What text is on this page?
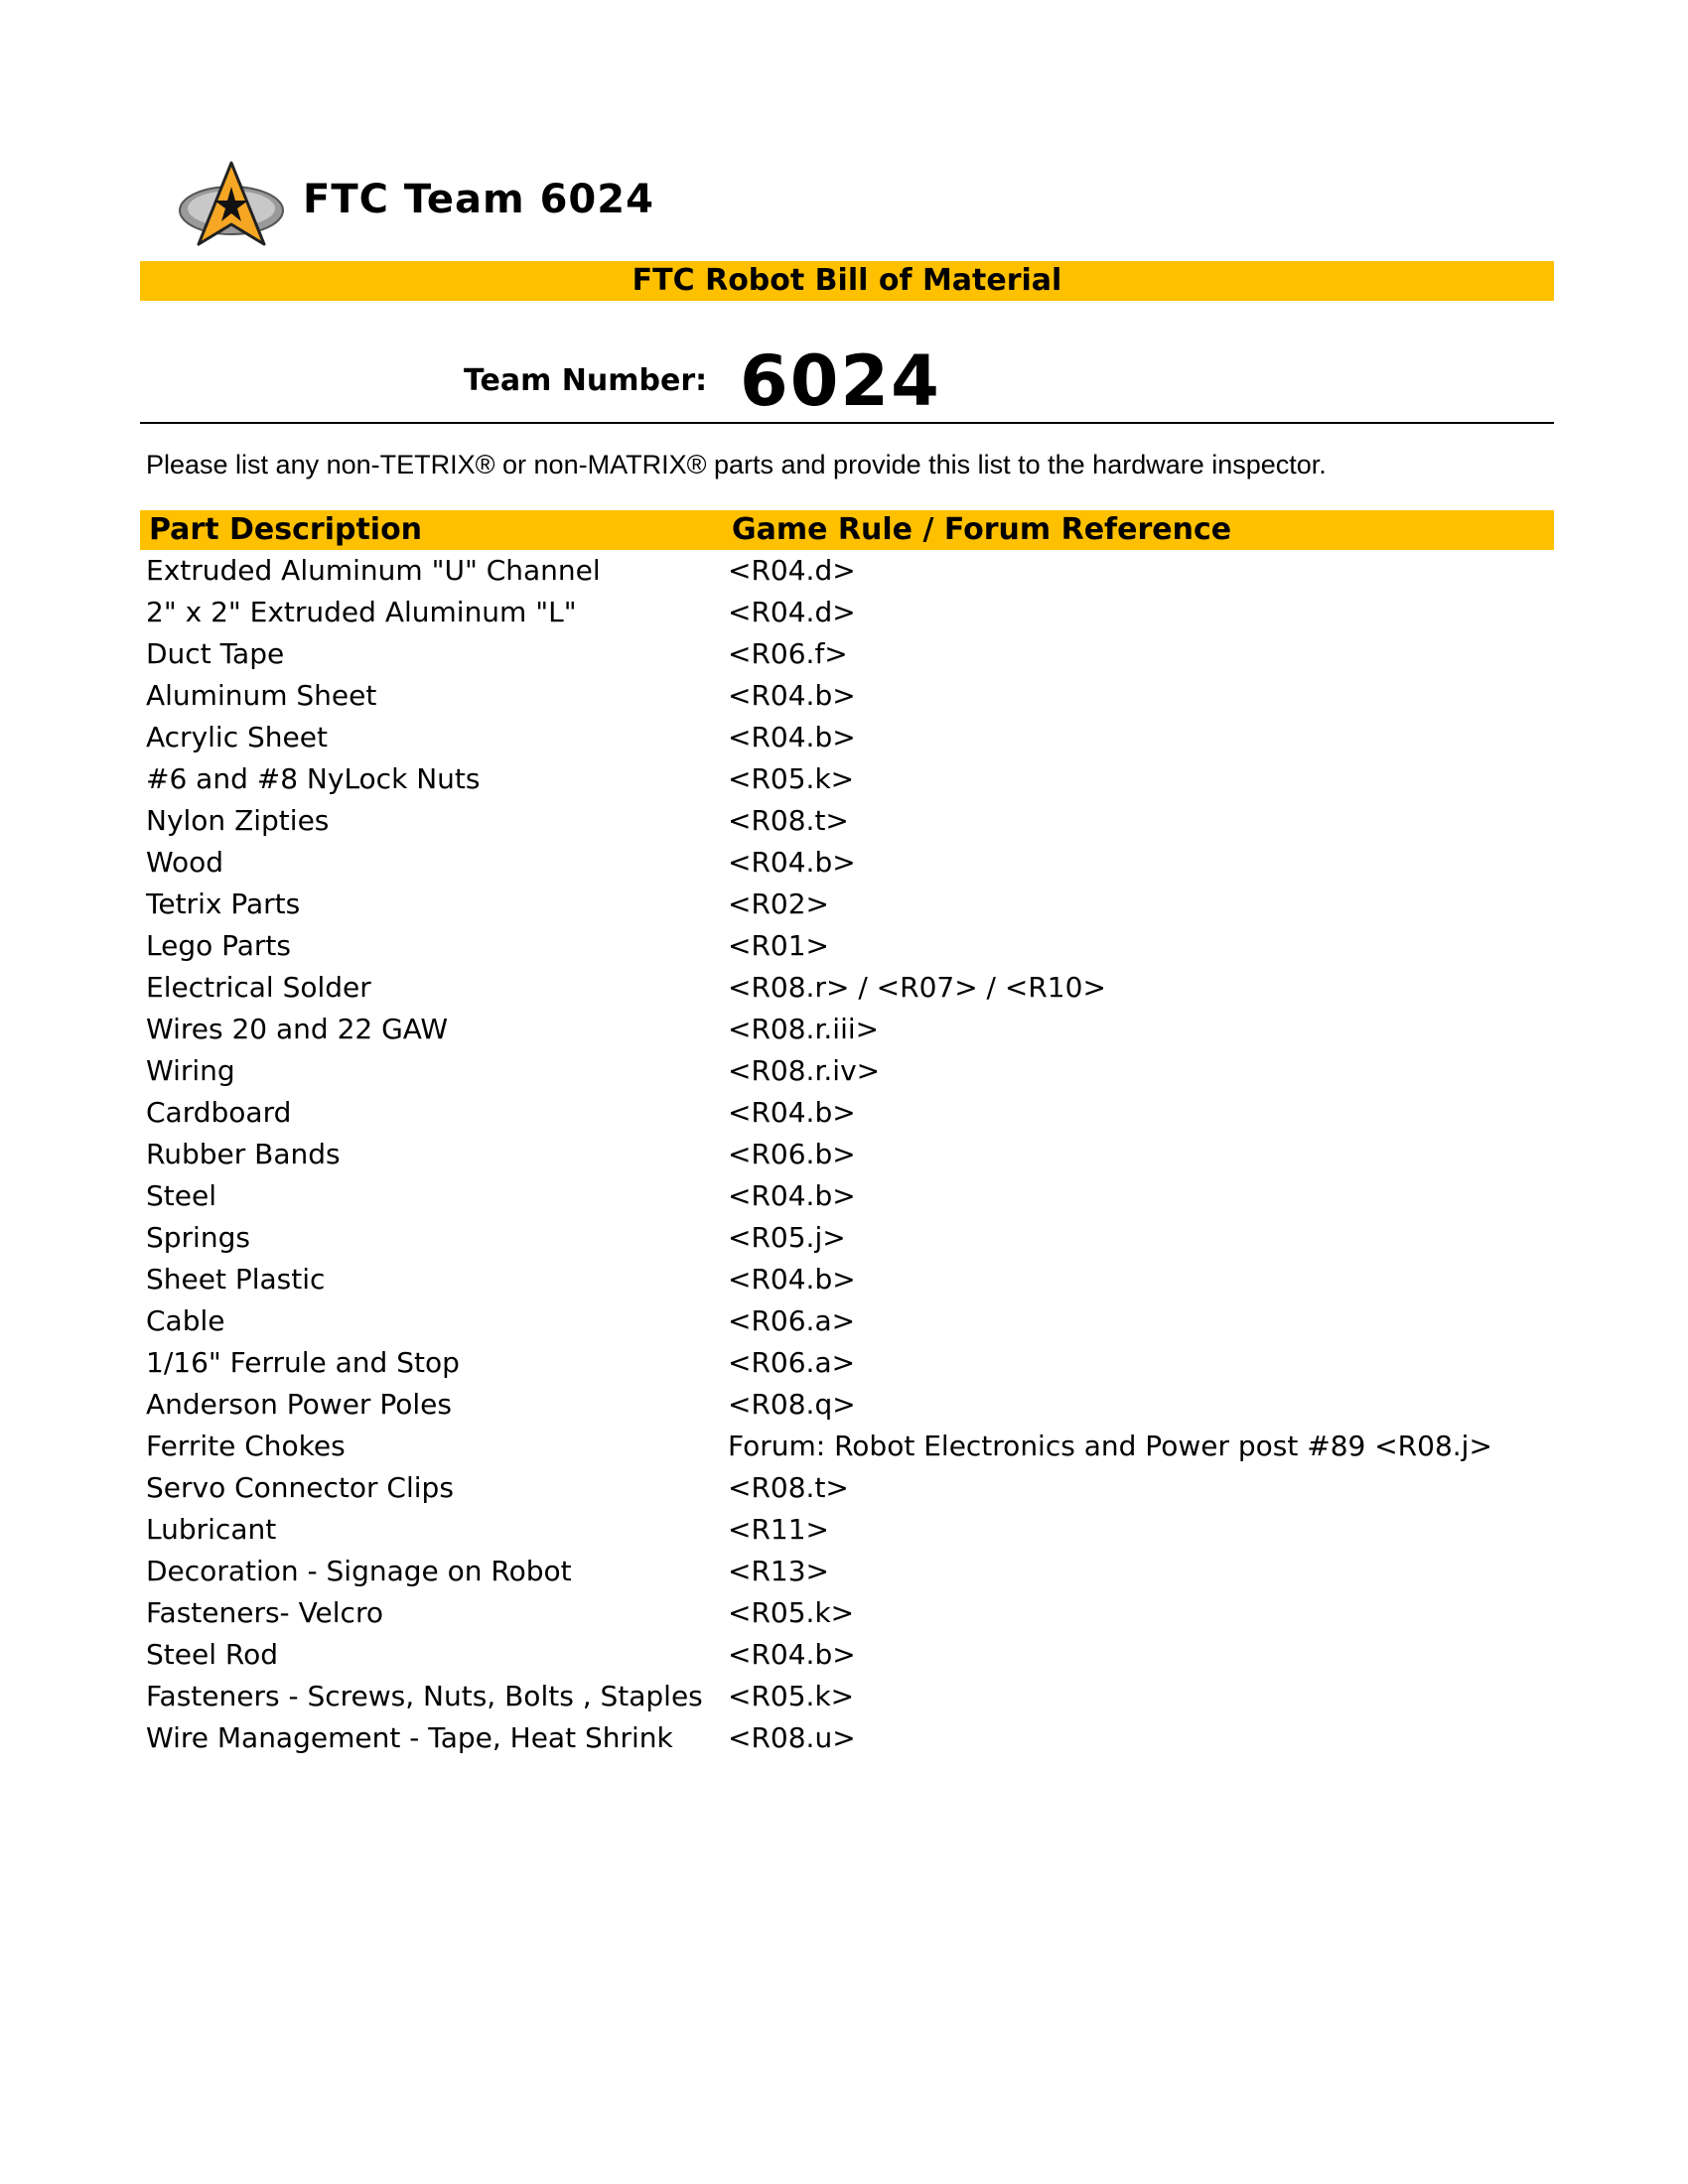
FTC Team 6024
FTC Robot Bill of Material
Team Number: 6024
Please list any non-TETRIX® or non-MATRIX® parts and provide this list to the hardware inspector.
Part Description	Game Rule / Forum Reference
Extruded Aluminum "U" Channel	<R04.d>
2" x 2" Extruded Aluminum "L"	<R04.d>
Duct Tape	<R06.f>
Aluminum Sheet	<R04.b>
Acrylic Sheet	<R04.b>
#6 and #8 NyLock Nuts	<R05.k>
Nylon Zipties	<R08.t>
Wood	<R04.b>
Tetrix Parts	<R02>
Lego Parts	<R01>
Electrical Solder	<R08.r> / <R07> / <R10>
Wires 20 and 22 GAW	<R08.r.iii>
Wiring	<R08.r.iv>
Cardboard	<R04.b>
Rubber Bands	<R06.b>
Steel	<R04.b>
Springs	<R05.j>
Sheet Plastic	<R04.b>
Cable	<R06.a>
1/16" Ferrule and Stop	<R06.a>
Anderson Power Poles	<R08.q>
Ferrite Chokes	Forum: Robot Electronics and Power post #89 <R08.j>
Servo Connector Clips	<R08.t>
Lubricant	<R11>
Decoration - Signage on Robot	<R13>
Fasteners- Velcro	<R05.k>
Steel Rod	<R04.b>
Fasteners - Screws, Nuts, Bolts , Staples <R05.k>
Wire Management - Tape, Heat Shrink <R08.u>
